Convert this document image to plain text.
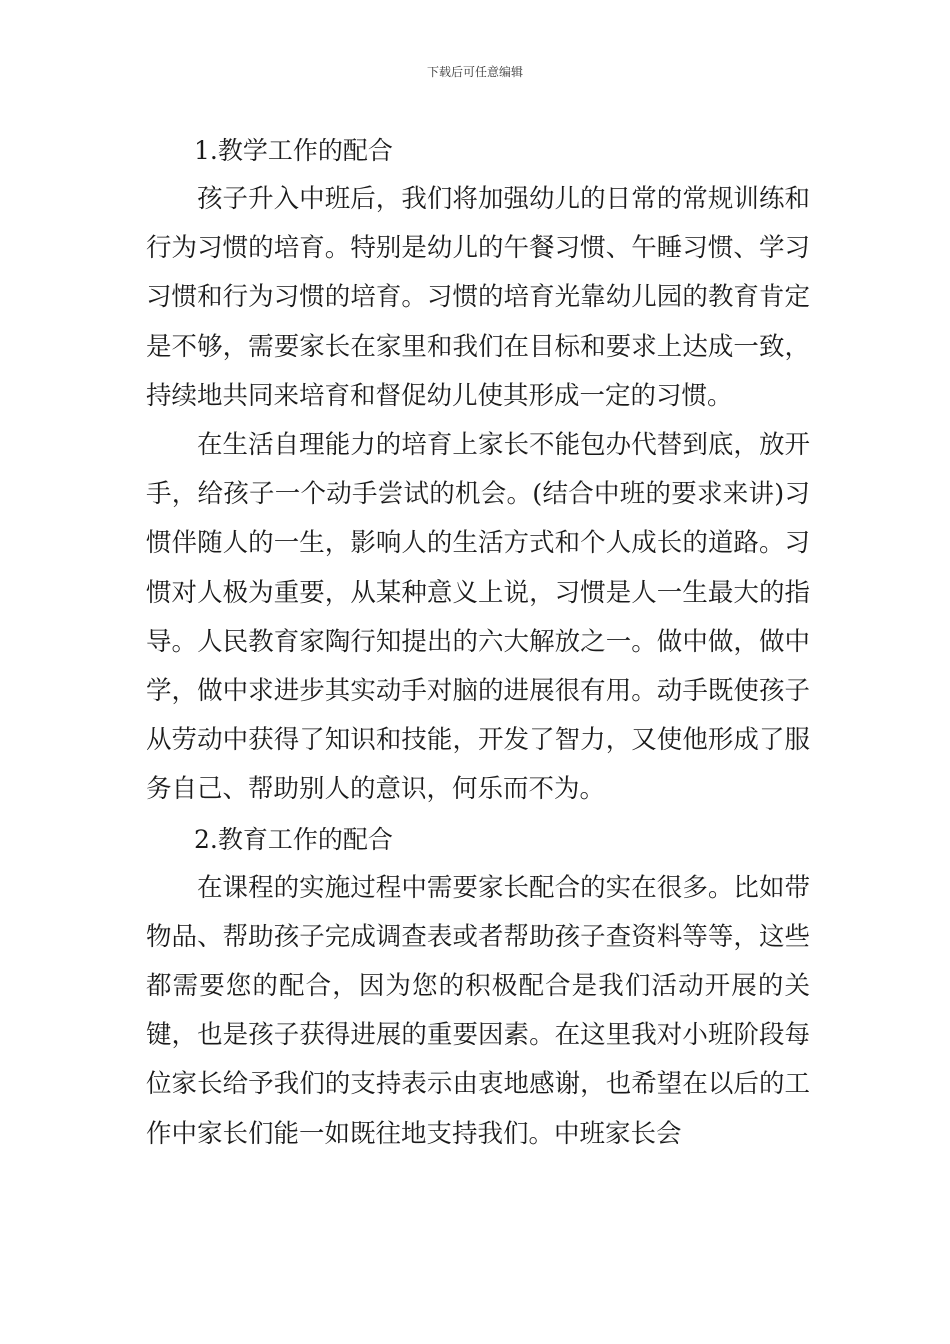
下载后可任意编辑

1.教学工作的配合

孩子升入中班后，我们将加强幼儿的日常的常规训练和行为习惯的培育。特别是幼儿的午餐习惯、午睡习惯、学习习惯和行为习惯的培育。习惯的培育光靠幼儿园的教育肯定是不够，需要家长在家里和我们在目标和要求上达成一致，持续地共同来培育和督促幼儿使其形成一定的习惯。

在生活自理能力的培育上家长不能包办代替到底，放开手，给孩子一个动手尝试的机会。(结合中班的要求来讲)习惯伴随人的一生，影响人的生活方式和个人成长的道路。习惯对人极为重要，从某种意义上说，习惯是人一生最大的指导。人民教育家陶行知提出的六大解放之一。做中做，做中学，做中求进步其实动手对脑的进展很有用。动手既使孩子从劳动中获得了知识和技能，开发了智力，又使他形成了服务自己、帮助别人的意识，何乐而不为。

2.教育工作的配合

在课程的实施过程中需要家长配合的实在很多。比如带物品、帮助孩子完成调查表或者帮助孩子查资料等等，这些都需要您的配合，因为您的积极配合是我们活动开展的关键，也是孩子获得进展的重要因素。在这里我对小班阶段每位家长给予我们的支持表示由衷地感谢，也希望在以后的工作中家长们能一如既往地支持我们。中班家长会
